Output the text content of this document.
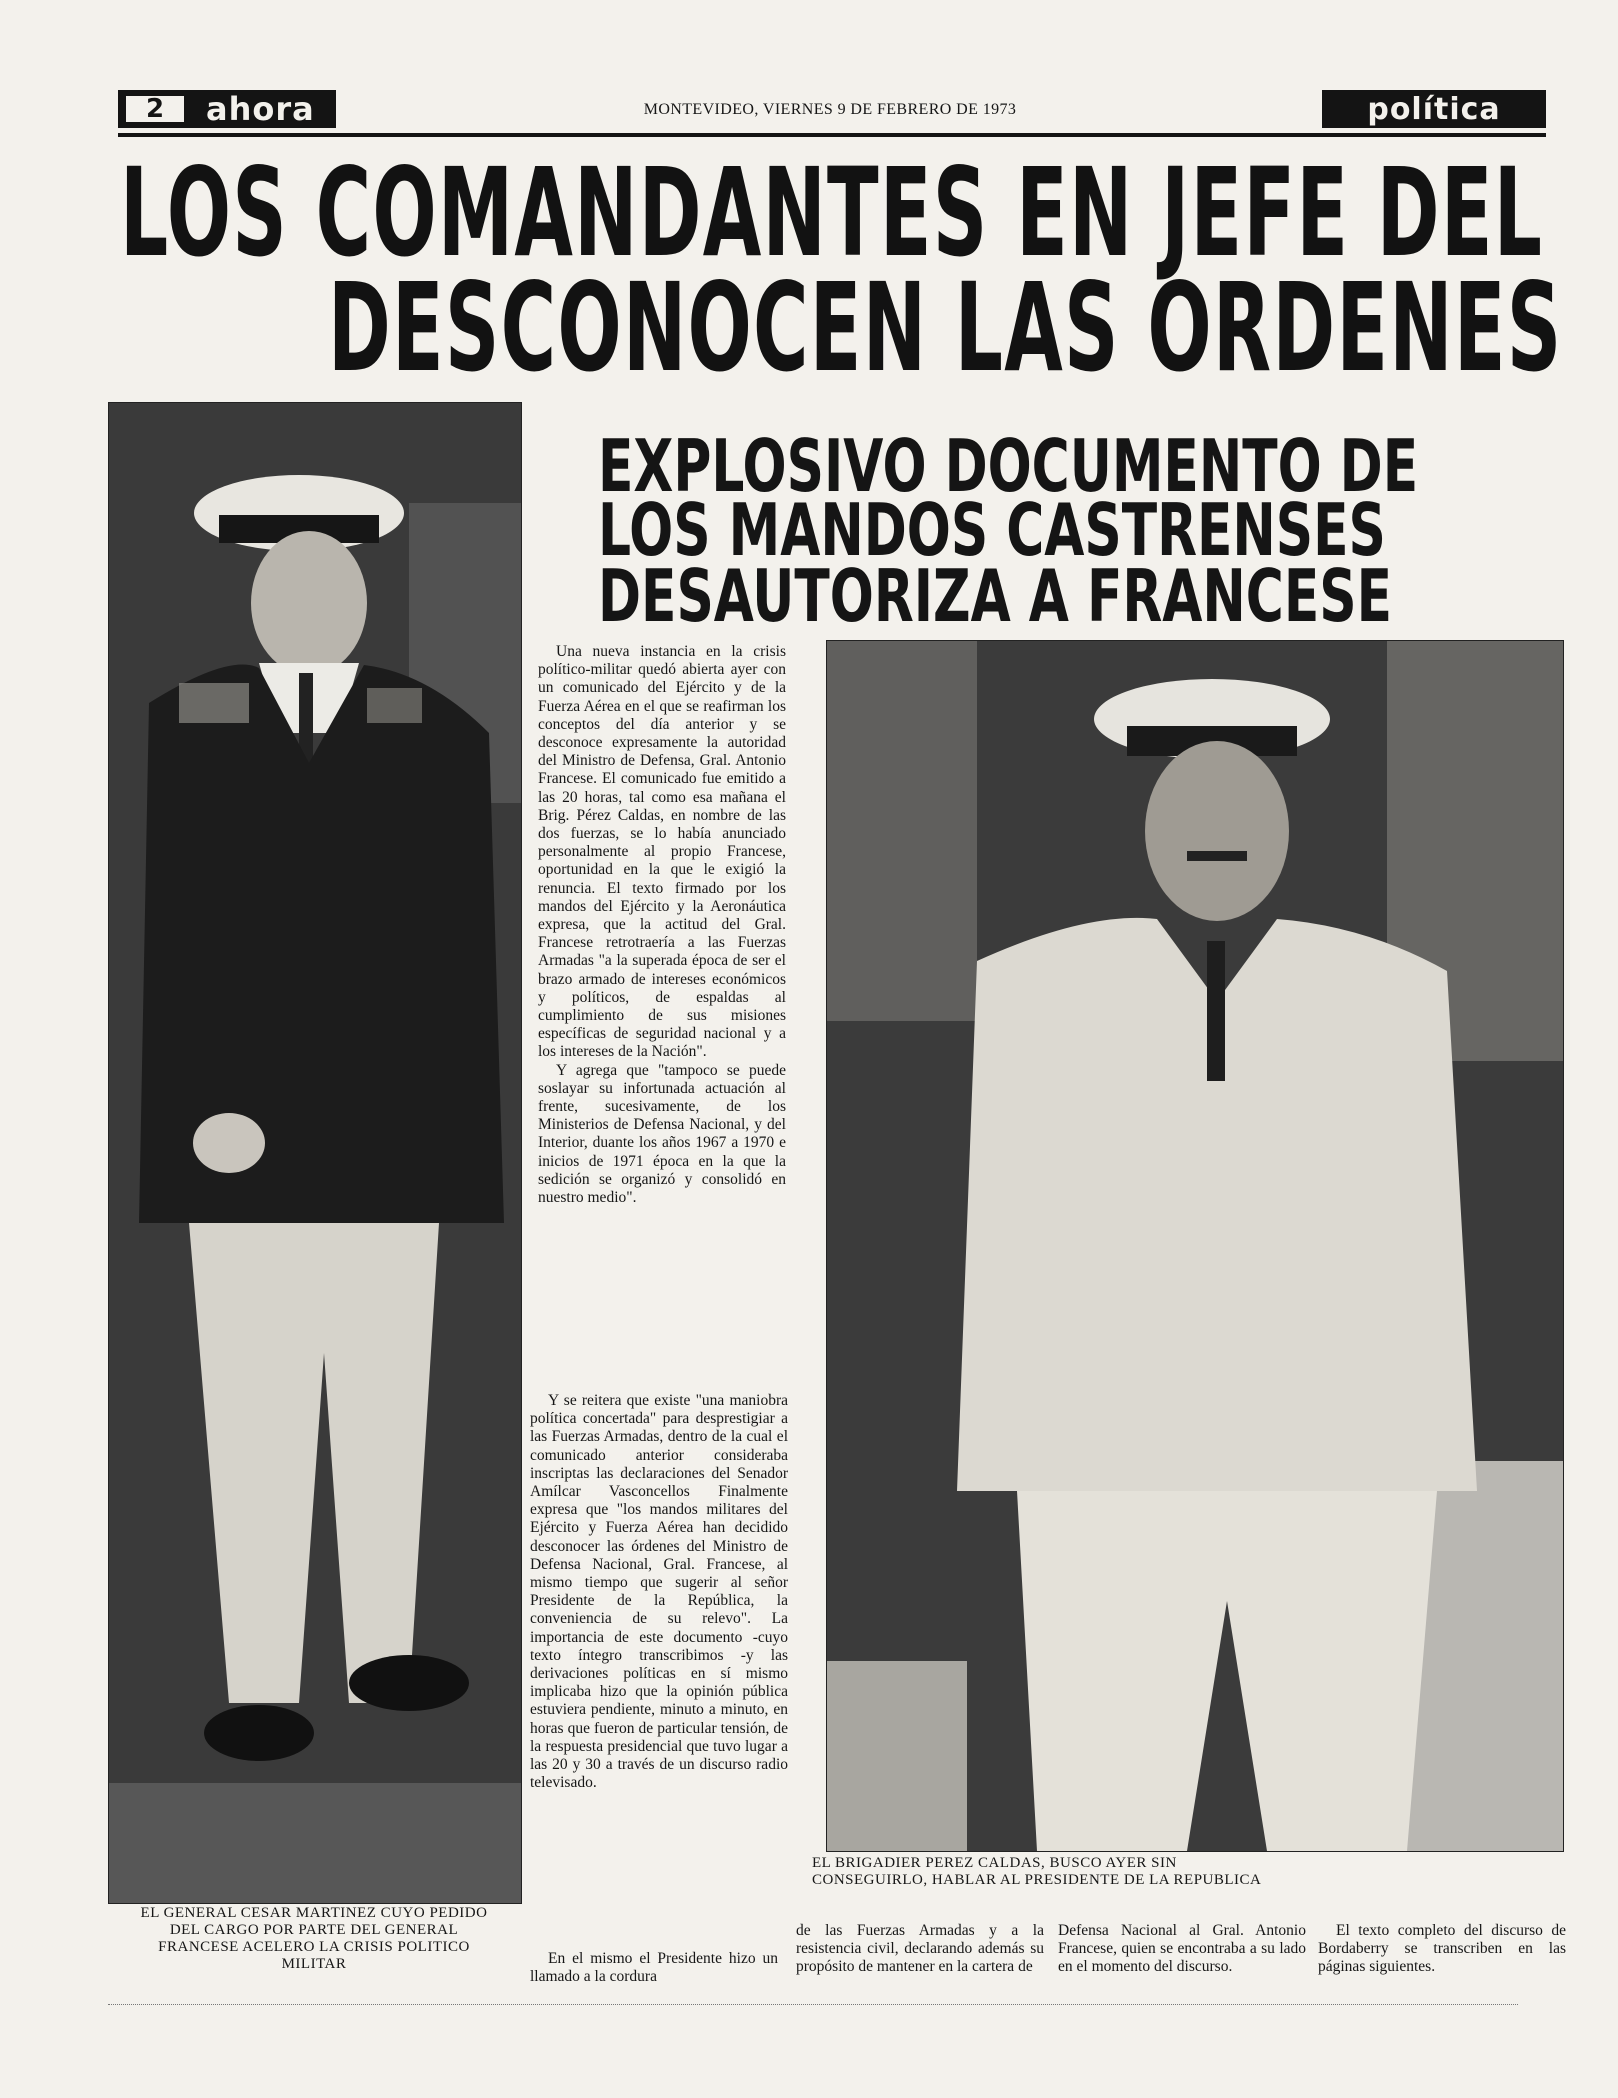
2	ahora	MONTEVIDEO, VIERNES 9 DE FEBRERO DE 1973	política
LOS COMANDANTES EN JEFE DEL
DESCONOCEN LAS ORDENES
EXPLOSIVO DOCUMENTO DE
LOS MANDOS CASTRENSES
DESAUTORIZA A FRANCESE
EL GENERAL CESAR MARTINEZ CUYO PEDIDO DEL CARGO POR PARTE DEL GENERAL FRANCESE ACELERO LA CRISIS POLITICO MILITAR
EL BRIGADIER PEREZ CALDAS, BUSCO AYER SIN CONSEGUIRLO, HABLAR AL PRESIDENTE DE LA REPUBLICA

Una nueva instancia en la crisis político-militar quedó abierta ayer con un comunicado del Ejército y de la Fuerza Aérea en el que se reafirman los conceptos del día anterior y se desconoce expresamente la autoridad del Ministro de Defensa, Gral. Antonio Francese. El comunicado fue emitido a las 20 horas, tal como esa mañana el Brig. Pérez Caldas, en nombre de las dos fuerzas, se lo había anunciado personalmente al propio Francese, oportunidad en la que le exigió la renuncia. El texto firmado por los mandos del Ejército y la Aeronáutica expresa, que la actitud del Gral. Francese retrotraería a las Fuerzas Armadas "a la superada época de ser el brazo armado de intereses económicos y políticos, de espaldas al cumplimiento de sus misiones específicas de seguridad nacional y a los intereses de la Nación".

Y agrega que "tampoco se puede soslayar su infortunada actuación al frente, sucesivamente, de los Ministerios de Defensa Nacional, y del Interior, duante los años 1967 a 1970 e inicios de 1971 época en la que la sedición se organizó y consolidó en nuestro medio".

Y se reitera que existe "una maniobra política concertada" para desprestigiar a las Fuerzas Armadas, dentro de la cual el comunicado anterior consideraba inscriptas las declaraciones del Senador Amílcar Vasconcellos Finalmente expresa que "los mandos militares del Ejército y Fuerza Aérea han decidido desconocer las órdenes del Ministro de Defensa Nacional, Gral. Francese, al mismo tiempo que sugerir al señor Presidente de la República, la conveniencia de su relevo". La importancia de este documento -cuyo texto íntegro transcribimos -y las derivaciones políticas en sí mismo implicaba hizo que la opinión pública estuviera pendiente, minuto a minuto, en horas que fueron de particular tensión, de la respuesta presidencial que tuvo lugar a las 20 y 30 a través de un discurso radio televisado.

En el mismo el Presidente hizo un llamado a la cordura

de las Fuerzas Armadas y a la resistencia civil, declarando además su propósito de mantener en la cartera de

Defensa Nacional al Gral. Antonio Francese, quien se encontraba a su lado en el momento del discurso.

El texto completo del discurso de Bordaberry se transcriben en las páginas siguientes.
